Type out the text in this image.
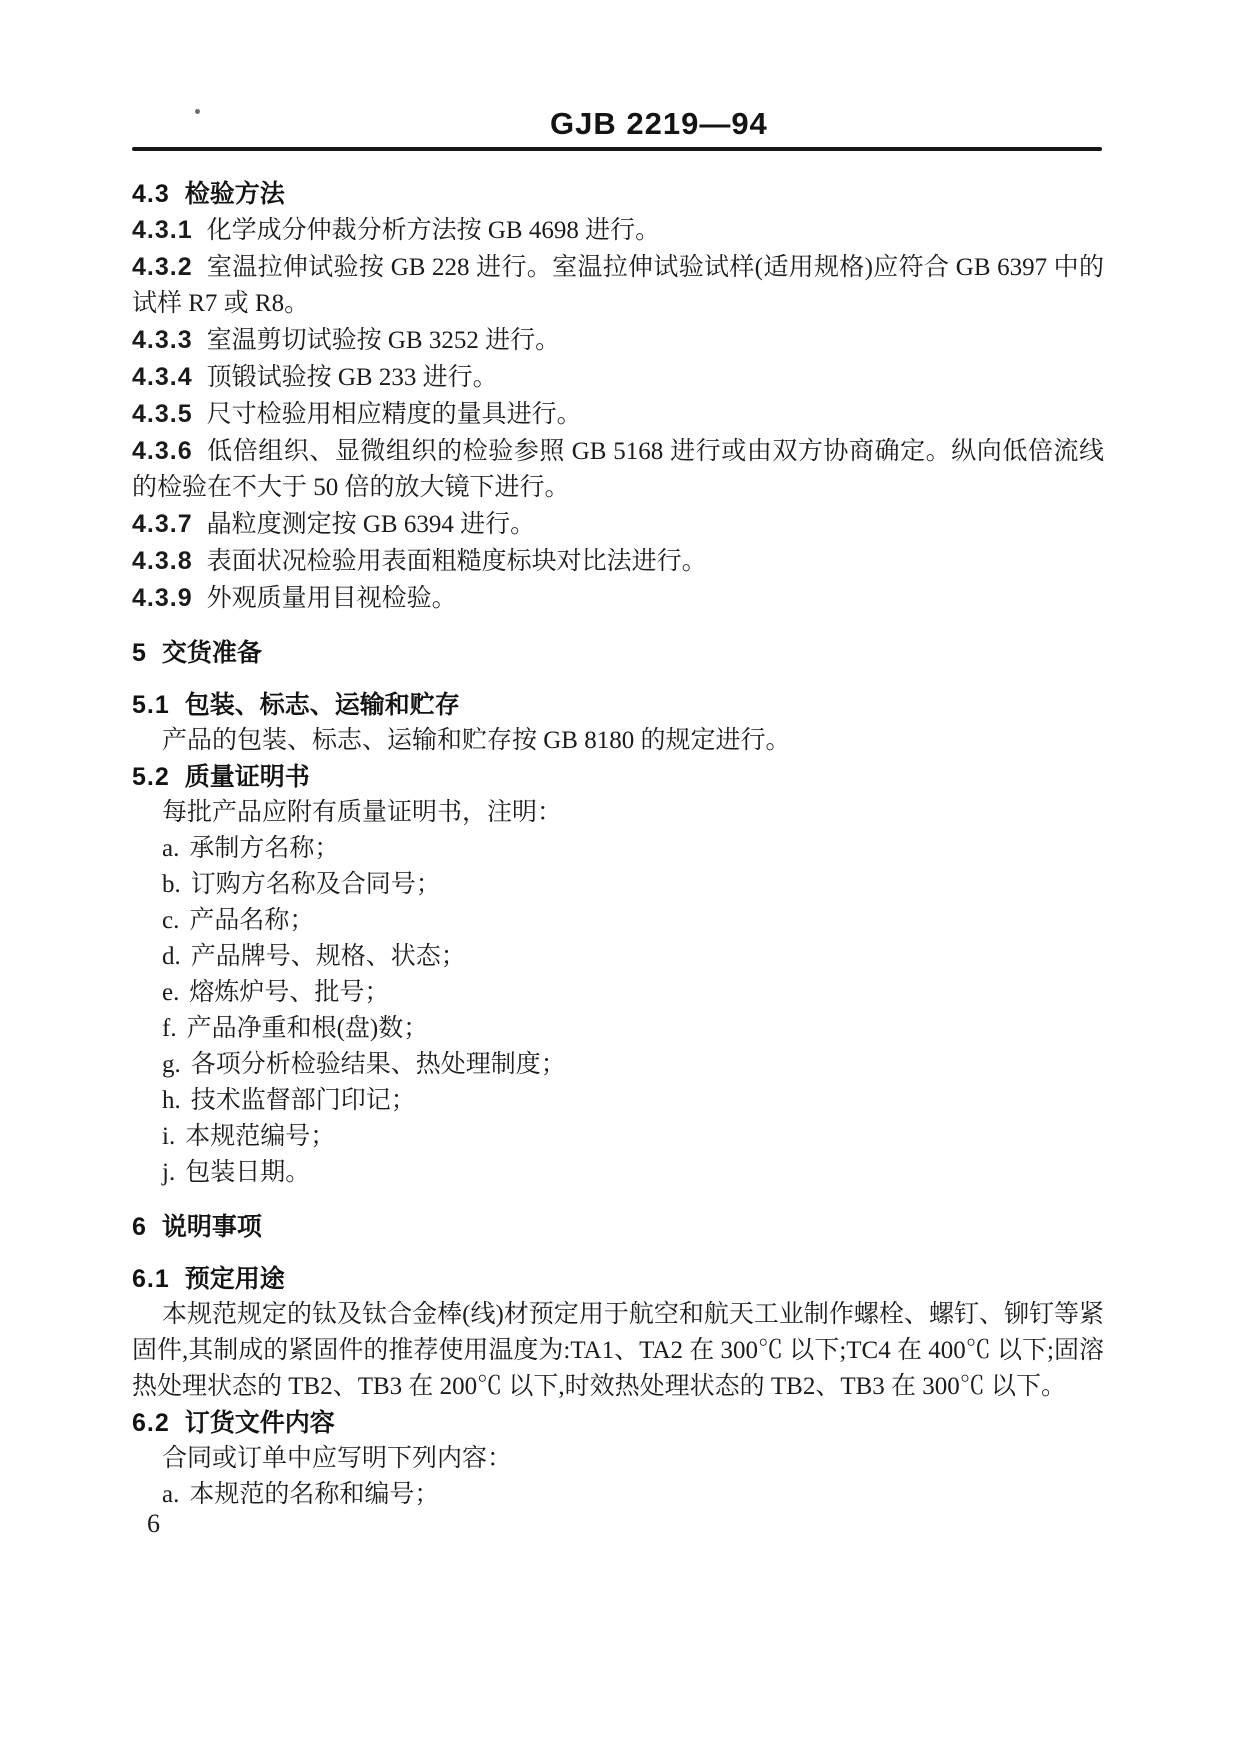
GJB 2219—94
4.3 检验方法
4.3.1 化学成分仲裁分析方法按 GB 4698 进行。
4.3.2 室温拉伸试验按 GB 228 进行。室温拉伸试验试样(适用规格)应符合 GB 6397 中的试样 R7 或 R8。
4.3.3 室温剪切试验按 GB 3252 进行。
4.3.4 顶锻试验按 GB 233 进行。
4.3.5 尺寸检验用相应精度的量具进行。
4.3.6 低倍组织、显微组织的检验参照 GB 5168 进行或由双方协商确定。纵向低倍流线的检验在不大于 50 倍的放大镜下进行。
4.3.7 晶粒度测定按 GB 6394 进行。
4.3.8 表面状况检验用表面粗糙度标块对比法进行。
4.3.9 外观质量用目视检验。
5 交货准备
5.1 包装、标志、运输和贮存

产品的包装、标志、运输和贮存按 GB 8180 的规定进行。

5.2 质量证明书

每批产品应附有质量证明书，注明：

a. 承制方名称；
b. 订购方名称及合同号；
c. 产品名称；
d. 产品牌号、规格、状态；
e. 熔炼炉号、批号；
f. 产品净重和根(盘)数；
g. 各项分析检验结果、热处理制度；
h. 技术监督部门印记；
i. 本规范编号；
j. 包装日期。
6 说明事项
6.1 预定用途

本规范规定的钛及钛合金棒(线)材预定用于航空和航天工业制作螺栓、螺钉、铆钉等紧固件,其制成的紧固件的推荐使用温度为:TA1、TA2 在 300℃ 以下;TC4 在 400℃ 以下;固溶热处理状态的 TB2、TB3 在 200℃ 以下,时效热处理状态的 TB2、TB3 在 300℃ 以下。

6.2 订货文件内容

合同或订单中应写明下列内容：

a. 本规范的名称和编号；
6
